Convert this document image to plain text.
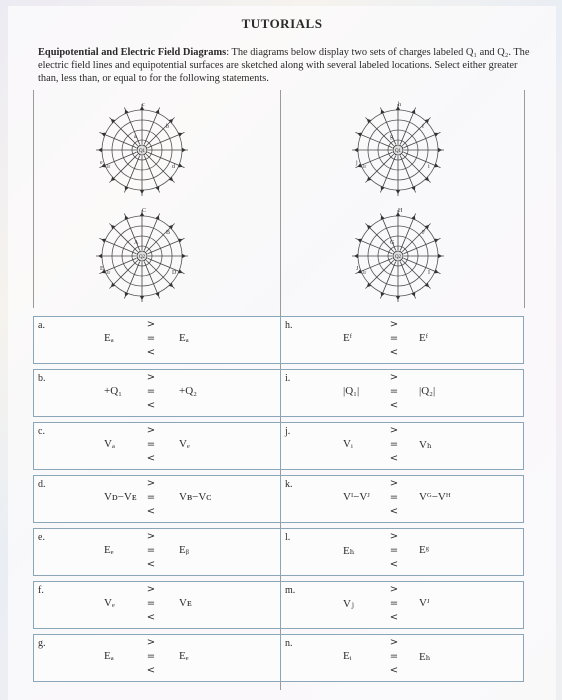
TUTORIALS
Equipotential and Electric Field Diagrams: The diagrams below display two sets of charges labeled Q₁ and Q₂. The electric field lines and equipotential surfaces are sketched along with several labeled locations. Select either greater than, less than, or equal to for the following statements.
Q1
c
b
a
d
e
3r
Q2
C
B
A
D
E
3r
Q1
h
f
g
i
j
3r
Q2
H
F
G
I
J
3r
a.
Eₐ
>
=
<
Eₐ
b.
+Q₁
>
=
<
+Q₂
c.
Vₐ
>
=
<
Vₑ
d.
Vᴅ−Vᴇ
>
=
<
Vʙ−Vᴄ
e.
Eₑ
>
=
<
Eᵦ
f.
Vₑ
>
=
<
Vᴇ
g.
Eₐ
>
=
<
Eₑ
h.
Eᶠ
>
=
<
Eᶠ
i.
|Q₁|
>
=
<
|Q₂|
j.
Vᵢ
>
=
<
Vₕ
k.
Vᴵ−Vᴶ
>
=
<
Vᴳ−Vᴴ
l.
Eₕ
>
=
<
Eᵍ
m.
Vⱼ
>
=
<
Vᴶ
n.
Eᵢ
>
=
<
Eₕ
